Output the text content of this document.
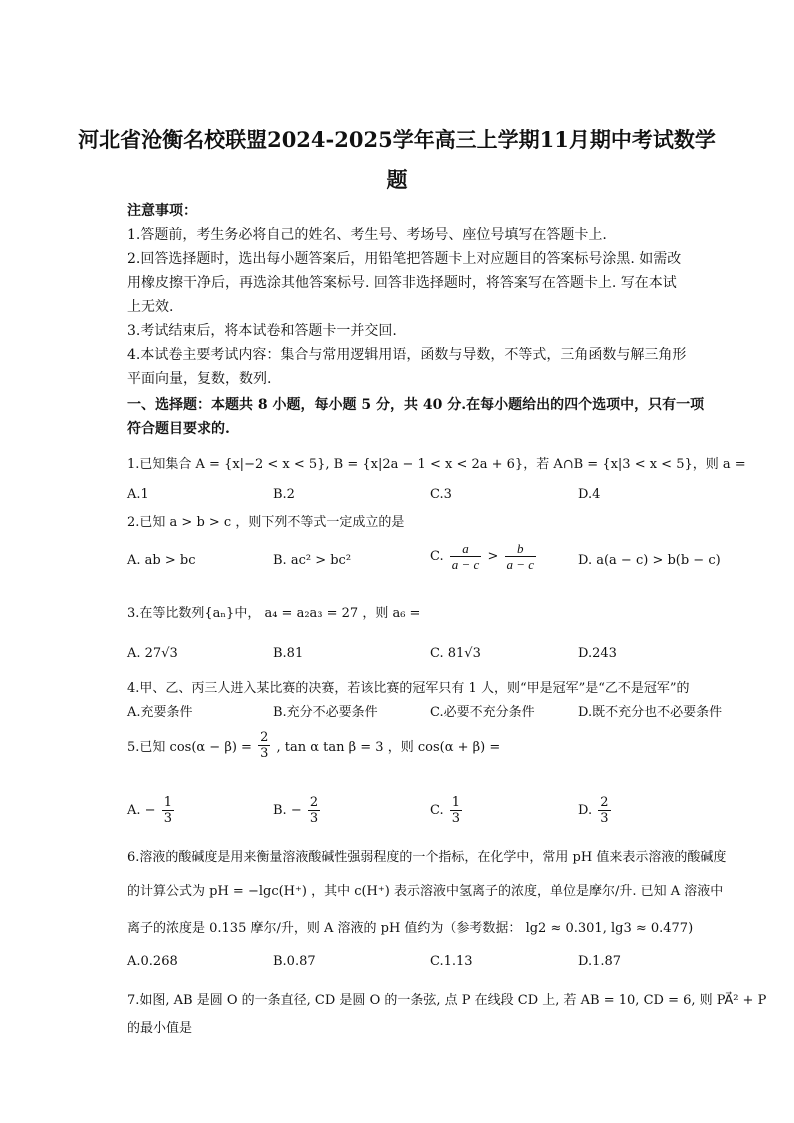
河北省沧衡名校联盟2024-2025学年高三上学期11月期中考试数学
题
注意事项：
1.答题前，考生务必将自己的姓名、考生号、考场号、座位号填写在答题卡上.
2.回答选择题时，选出每小题答案后，用铅笔把答题卡上对应题目的答案标号涂黑. 如需改
用橡皮擦干净后，再选涂其他答案标号. 回答非选择题时，将答案写在答题卡上. 写在本试
上无效.
3.考试结束后，将本试卷和答题卡一并交回.
4.本试卷主要考试内容：集合与常用逻辑用语，函数与导数，不等式，三角函数与解三角形
平面向量，复数，数列.
一、选择题：本题共 8 小题，每小题 5 分，共 40 分.在每小题给出的四个选项中，只有一项
符合题目要求的.
1.已知集合 A = {x|−2 < x < 5}, B = {x|2a − 1 < x < 2a + 6}，若 A∩B = {x|3 < x < 5}，则 a =
A.1	B.2	C.3	D.4
2.已知 a > b > c ，则下列不等式一定成立的是
A. ab > bc	B. ac² > bc²	C. $\frac{a}{a - c} > \frac{b}{a - c}$	D. a(a − c) > b(b − c)
3.在等比数列{aₙ}中， a₄ = a₂a₃ = 27 ，则 a₆ =
A. 27√3	B.81	C. 81√3	D.243
4.甲、乙、丙三人进入某比赛的决赛，若该比赛的冠军只有 1 人，则“甲是冠军”是“乙不是冠军”的
A.充要条件	B.充分不必要条件	C.必要不充分条件	D.既不充分也不必要条件
5.已知 $\cos(\alpha - \beta) = \frac{2}{3}$ , tan α tan β = 3 ，则 cos(α + β) =
A. − $\frac{1}{3}$	B. − $\frac{2}{3}$	C. $\frac{1}{3}$	D. $\frac{2}{3}$
6.溶液的酸碱度是用来衡量溶液酸碱性强弱程度的一个指标，在化学中，常用 pH 值来表示溶液的酸碱度
的计算公式为 pH = −lgc(H⁺) ，其中 c(H⁺) 表示溶液中氢离子的浓度，单位是摩尔/升. 已知 A 溶液中
离子的浓度是 0.135 摩尔/升，则 A 溶液的 pH 值约为（参考数据： lg2 ≈ 0.301, lg3 ≈ 0.477)
A.0.268	B.0.87	C.1.13	D.1.87
7.如图, AB 是圆 O 的一条直径, CD 是圆 O 的一条弦, 点 P 在线段 CD 上, 若 AB = 10, CD = 6, 则 PA⃗² + P
的最小值是
